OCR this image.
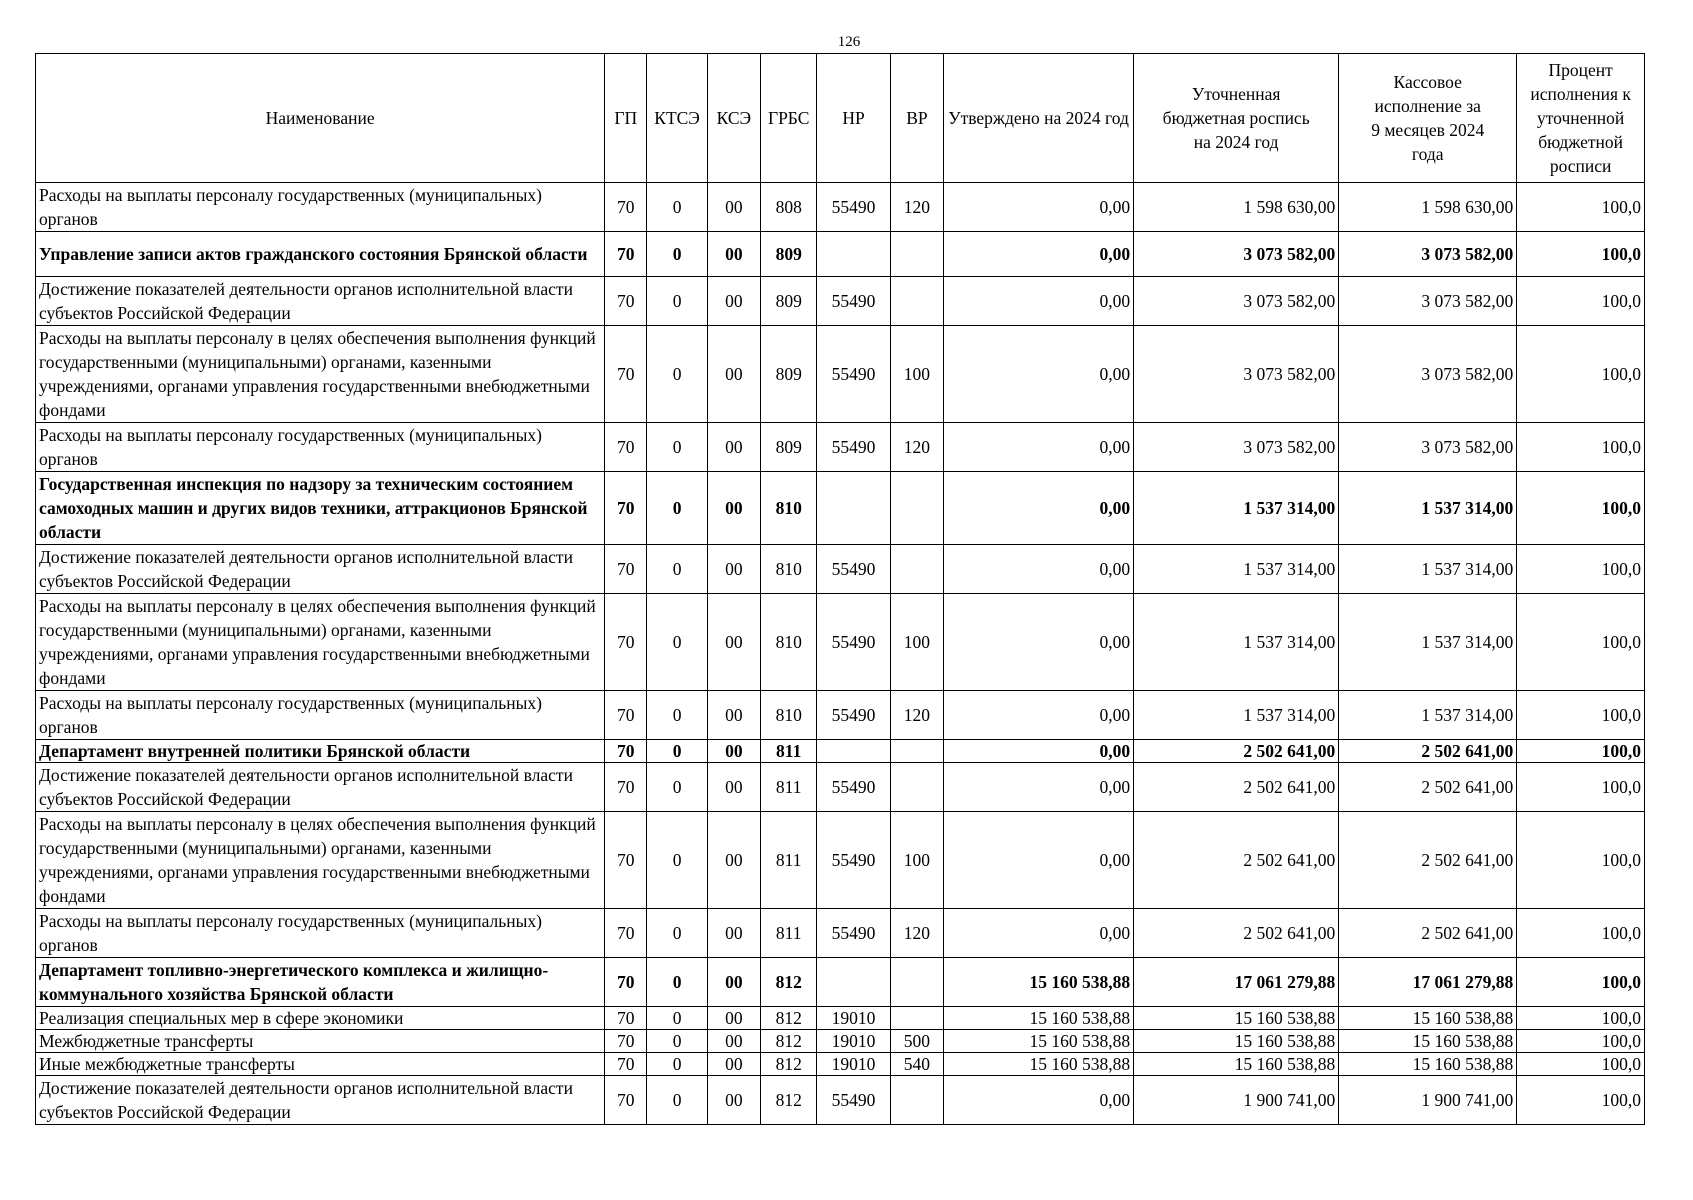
126
Наименование	ГП	КТСЭ	КСЭ	ГРБС	НР	ВР	Утверждено на 2024 год	Уточненная бюджетная роспись на 2024 год	Кассовое исполнение за 9 месяцев 2024 года	Процент исполнения к уточненной бюджетной росписи
Расходы на выплаты персоналу государственных (муниципальных) органов	70	0	00	808	55490	120	0,00	1 598 630,00	1 598 630,00	100,0
Управление записи актов гражданского состояния Брянской области	70	0	00	809			0,00	3 073 582,00	3 073 582,00	100,0
Достижение показателей деятельности органов исполнительной власти субъектов Российской Федерации	70	0	00	809	55490		0,00	3 073 582,00	3 073 582,00	100,0
Расходы на выплаты персоналу в целях обеспечения выполнения функций государственными (муниципальными) органами, казенными учреждениями, органами управления государственными внебюджетными фондами	70	0	00	809	55490	100	0,00	3 073 582,00	3 073 582,00	100,0
Расходы на выплаты персоналу государственных (муниципальных) органов	70	0	00	809	55490	120	0,00	3 073 582,00	3 073 582,00	100,0
Государственная инспекция по надзору за техническим состоянием самоходных машин и других видов техники, аттракционов Брянской области	70	0	00	810			0,00	1 537 314,00	1 537 314,00	100,0
Достижение показателей деятельности органов исполнительной власти субъектов Российской Федерации	70	0	00	810	55490		0,00	1 537 314,00	1 537 314,00	100,0
Расходы на выплаты персоналу в целях обеспечения выполнения функций государственными (муниципальными) органами, казенными учреждениями, органами управления государственными внебюджетными фондами	70	0	00	810	55490	100	0,00	1 537 314,00	1 537 314,00	100,0
Расходы на выплаты персоналу государственных (муниципальных) органов	70	0	00	810	55490	120	0,00	1 537 314,00	1 537 314,00	100,0
Департамент внутренней политики Брянской области	70	0	00	811			0,00	2 502 641,00	2 502 641,00	100,0
Достижение показателей деятельности органов исполнительной власти субъектов Российской Федерации	70	0	00	811	55490		0,00	2 502 641,00	2 502 641,00	100,0
Расходы на выплаты персоналу в целях обеспечения выполнения функций государственными (муниципальными) органами, казенными учреждениями, органами управления государственными внебюджетными фондами	70	0	00	811	55490	100	0,00	2 502 641,00	2 502 641,00	100,0
Расходы на выплаты персоналу государственных (муниципальных) органов	70	0	00	811	55490	120	0,00	2 502 641,00	2 502 641,00	100,0
Департамент топливно-энергетического комплекса и жилищно-коммунального хозяйства Брянской области	70	0	00	812			15 160 538,88	17 061 279,88	17 061 279,88	100,0
Реализация специальных мер в сфере экономики	70	0	00	812	19010		15 160 538,88	15 160 538,88	15 160 538,88	100,0
Межбюджетные трансферты	70	0	00	812	19010	500	15 160 538,88	15 160 538,88	15 160 538,88	100,0
Иные межбюджетные трансферты	70	0	00	812	19010	540	15 160 538,88	15 160 538,88	15 160 538,88	100,0
Достижение показателей деятельности органов исполнительной власти субъектов Российской Федерации	70	0	00	812	55490		0,00	1 900 741,00	1 900 741,00	100,0
